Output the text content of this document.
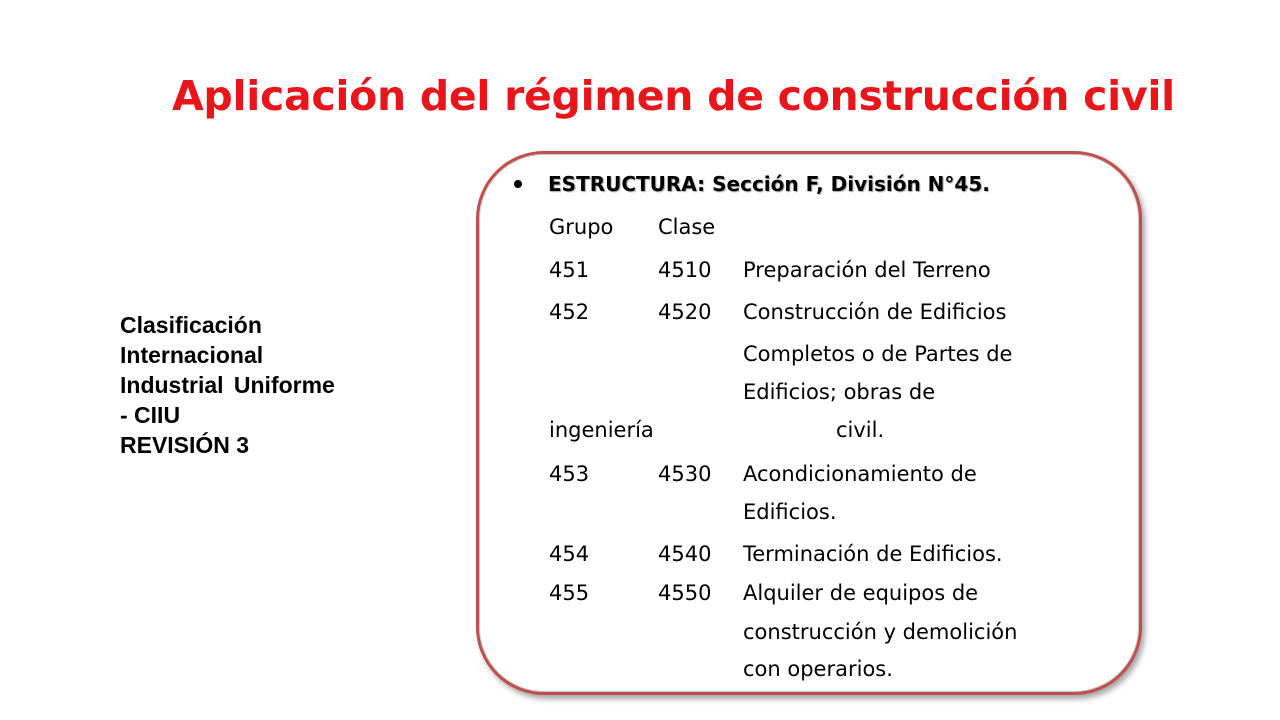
Aplicación del régimen de construcción civil
Clasificación
Internacional
Industrial Uniforme
- CIIU
REVISIÓN 3
ESTRUCTURA: Sección F, División N°45.
Grupo Clase
451	4510 Preparación del Terreno
452	4520 Construcción de Edificios
Completos o de Partes de
Edificios; obras de
ingeniería	civil.
453	4530 Acondicionamiento de
Edificios.
454	4540 Terminación de Edificios.
455	4550 Alquiler de equipos de
construcción y demolición
con operarios.
